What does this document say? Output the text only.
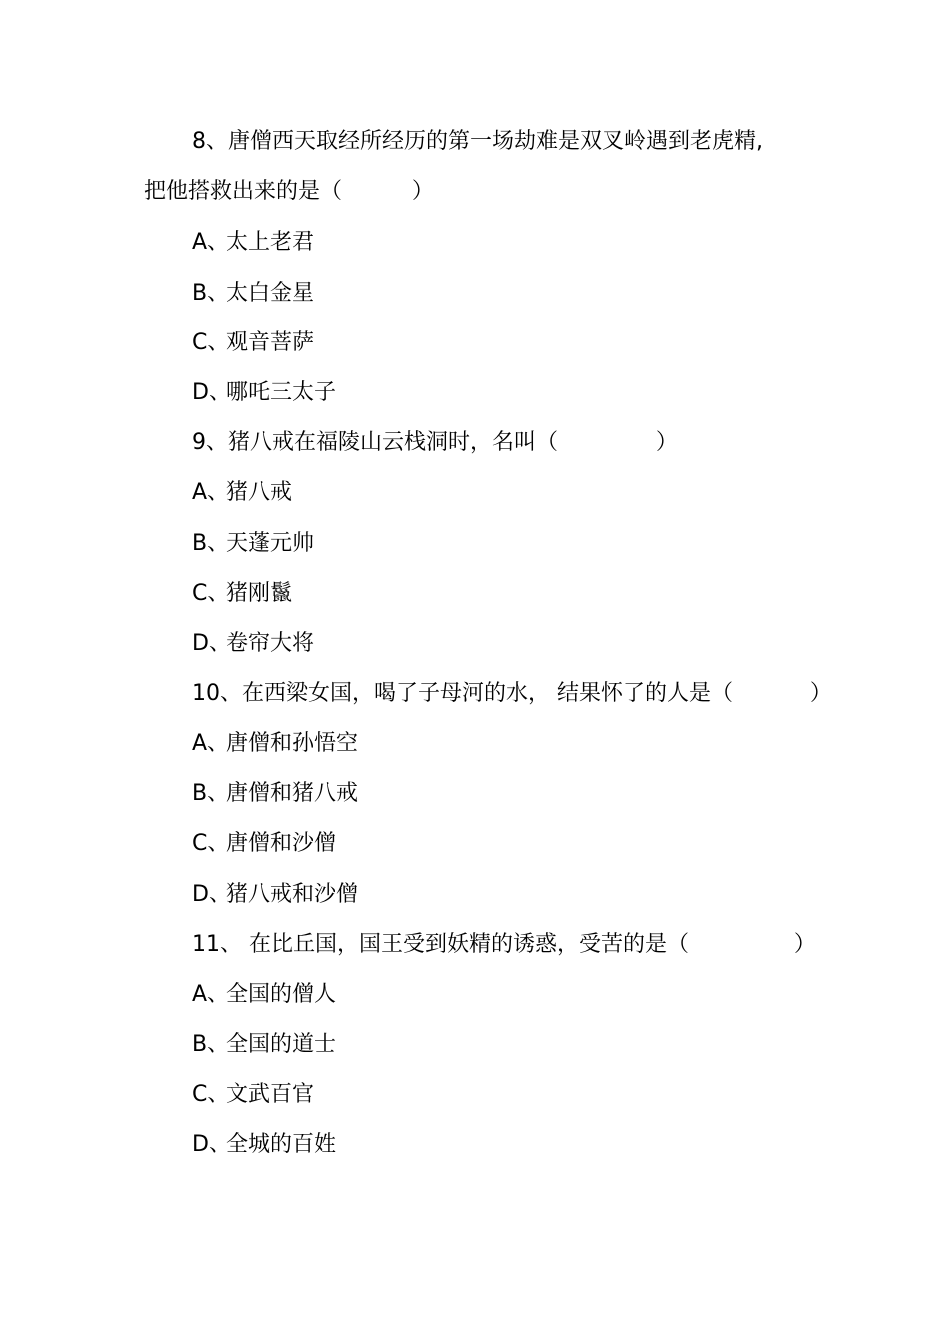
8、唐僧西天取经所经历的第一场劫难是双叉岭遇到老虎精,
把他搭救出来的是（          ）
A、太上老君
B、太白金星
C、观音菩萨
D、哪吒三太子
9、猪八戒在福陵山云栈洞时，名叫（              ）
A、猪八戒
B、天蓬元帅
C、猪刚鬣
D、卷帘大将
10、在西梁女国，喝了子母河的水， 结果怀了的人是（           ）
A、唐僧和孙悟空
B、唐僧和猪八戒
C、唐僧和沙僧
D、猪八戒和沙僧
11、 在比丘国，国王受到妖精的诱惑，受苦的是（               ）
A、全国的僧人
B、全国的道士
C、文武百官
D、全城的百姓
